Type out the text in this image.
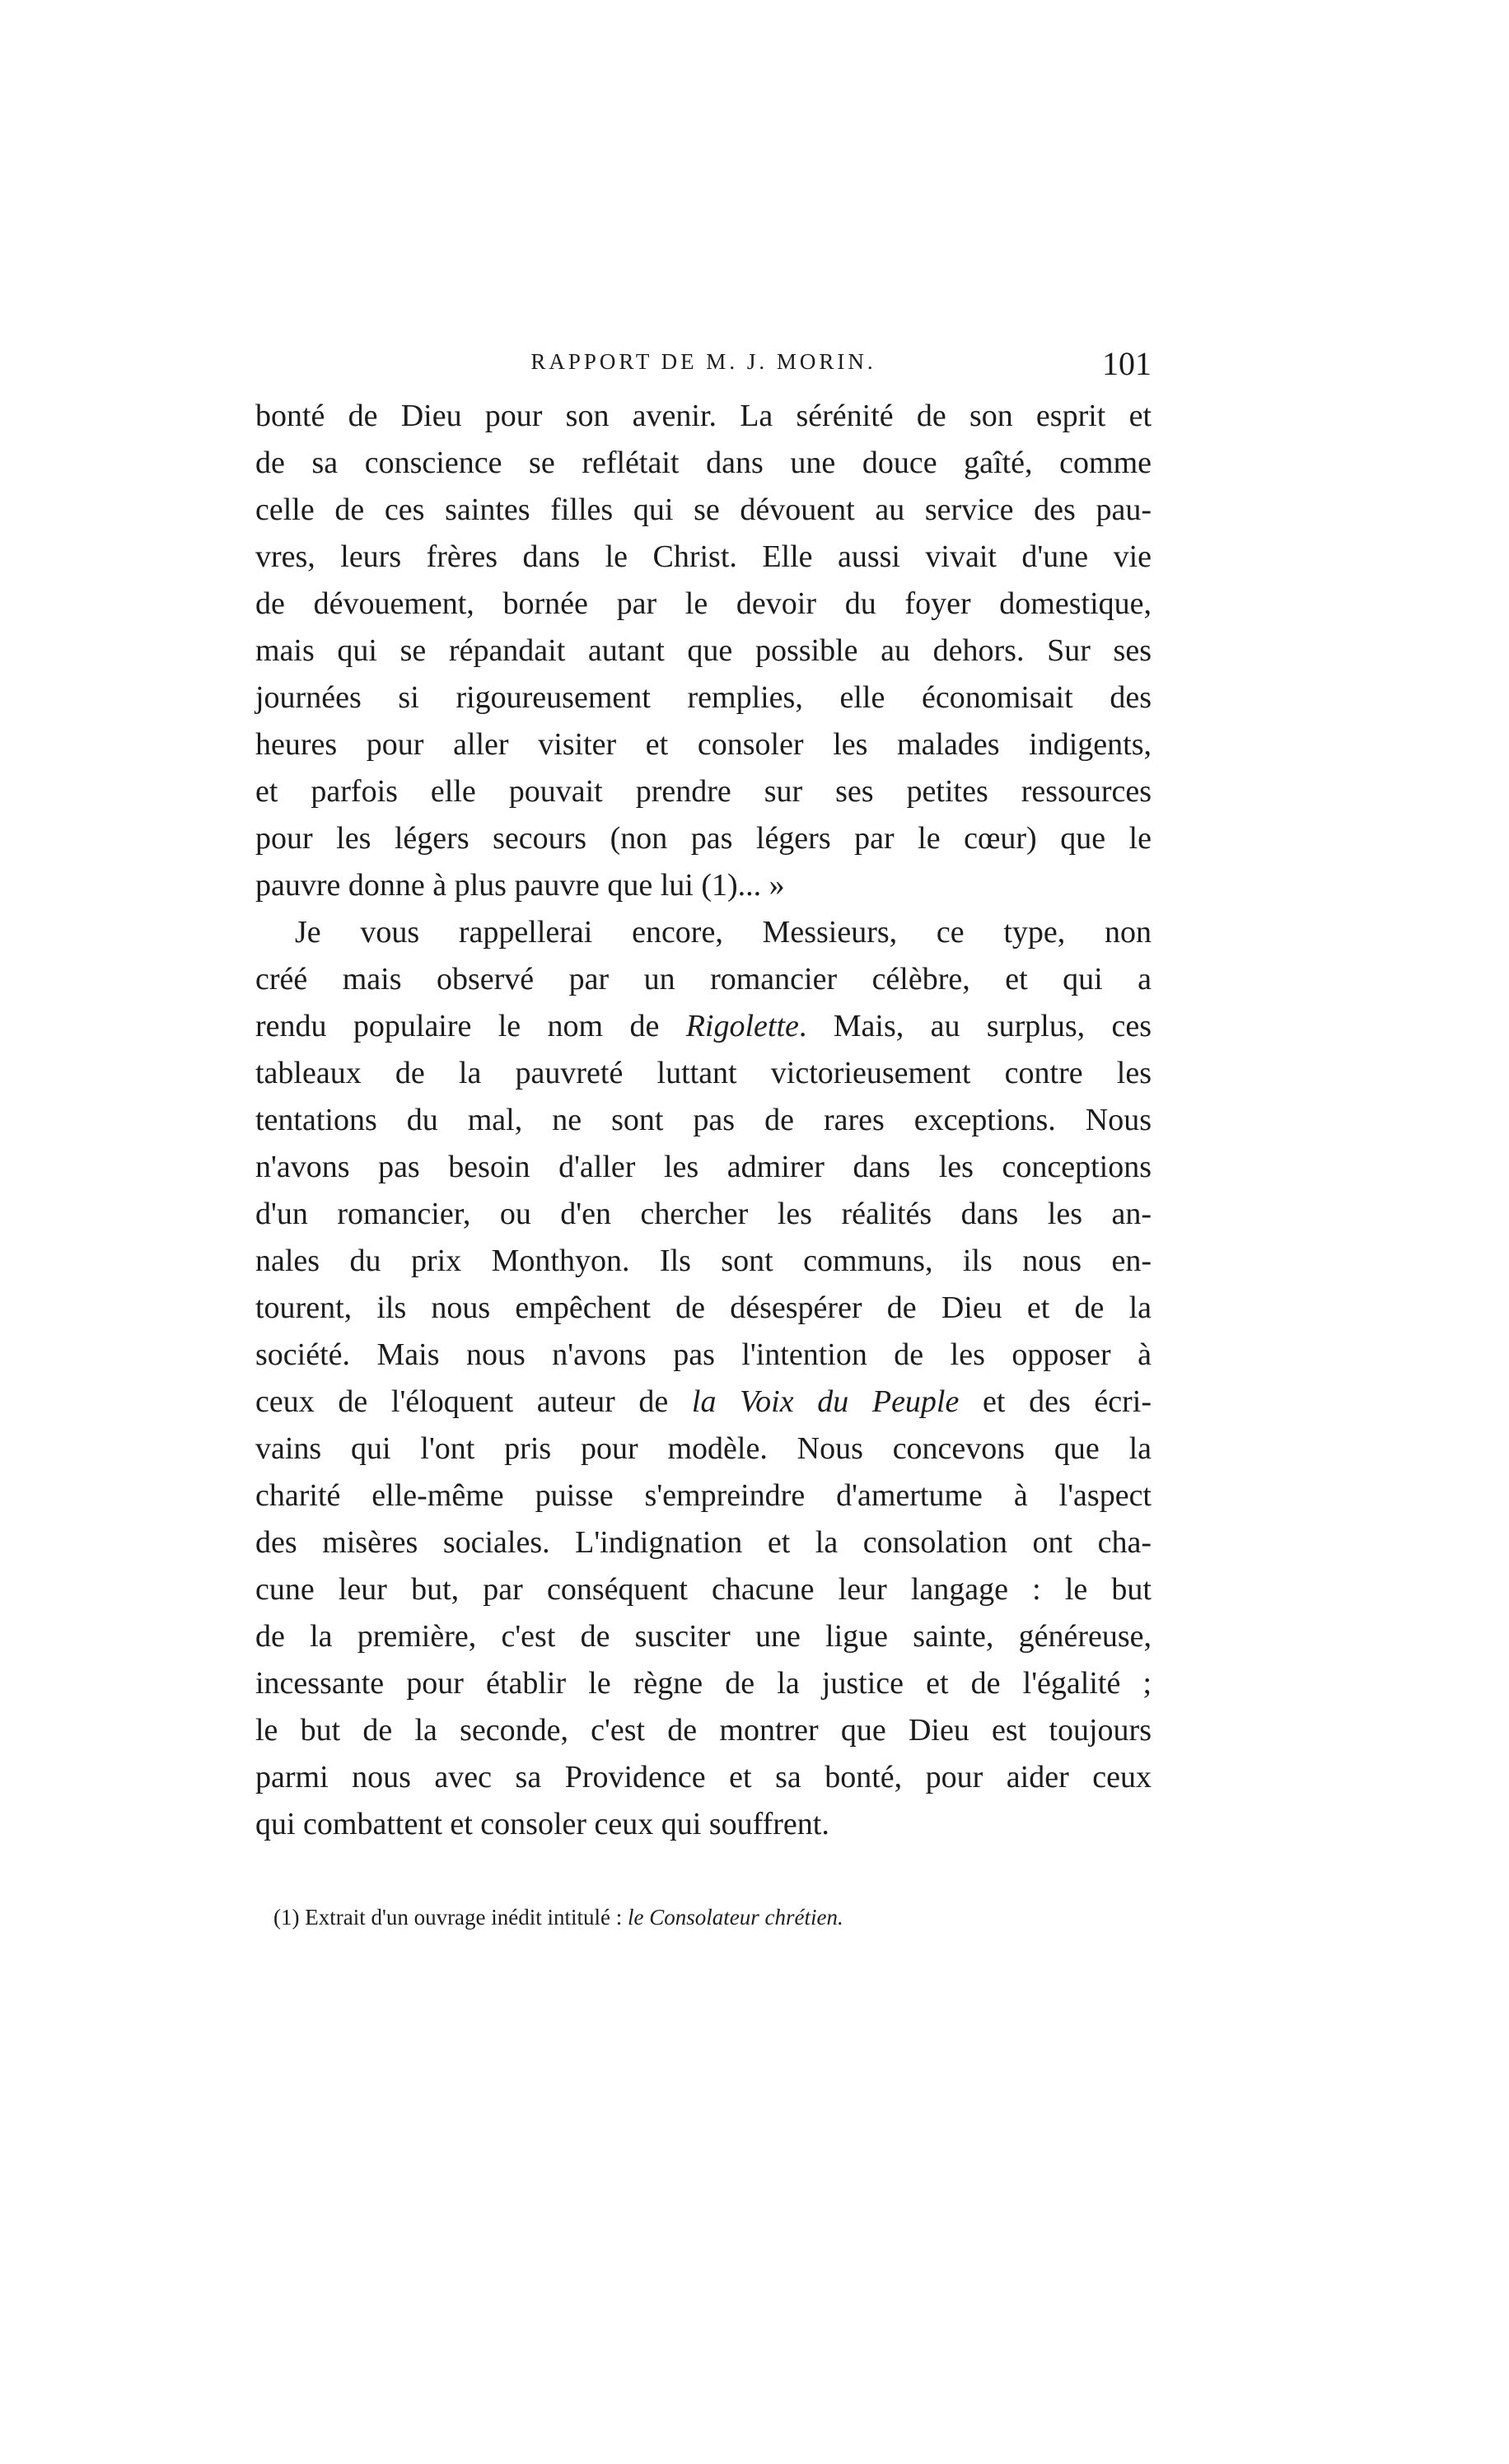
RAPPORT DE M. J. MORIN.	101
bonté de Dieu pour son avenir. La sérénité de son esprit et
de sa conscience se reflétait dans une douce gaîté, comme
celle de ces saintes filles qui se dévouent au service des pau-
vres, leurs frères dans le Christ. Elle aussi vivait d'une vie
de dévouement, bornée par le devoir du foyer domestique,
mais qui se répandait autant que possible au dehors. Sur ses
journées si rigoureusement remplies, elle économisait des
heures pour aller visiter et consoler les malades indigents,
et parfois elle pouvait prendre sur ses petites ressources
pour les légers secours (non pas légers par le cœur) que le
pauvre donne à plus pauvre que lui (1)... »
Je vous rappellerai encore, Messieurs, ce type, non
créé mais observé par un romancier célèbre, et qui a
rendu populaire le nom de Rigolette. Mais, au surplus, ces
tableaux de la pauvreté luttant victorieusement contre les
tentations du mal, ne sont pas de rares exceptions. Nous
n'avons pas besoin d'aller les admirer dans les conceptions
d'un romancier, ou d'en chercher les réalités dans les an-
nales du prix Monthyon. Ils sont communs, ils nous en-
tourent, ils nous empêchent de désespérer de Dieu et de la
société. Mais nous n'avons pas l'intention de les opposer à
ceux de l'éloquent auteur de la Voix du Peuple et des écri-
vains qui l'ont pris pour modèle. Nous concevons que la
charité elle-même puisse s'empreindre d'amertume à l'aspect
des misères sociales. L'indignation et la consolation ont cha-
cune leur but, par conséquent chacune leur langage : le but
de la première, c'est de susciter une ligue sainte, généreuse,
incessante pour établir le règne de la justice et de l'égalité ;
le but de la seconde, c'est de montrer que Dieu est toujours
parmi nous avec sa Providence et sa bonté, pour aider ceux
qui combattent et consoler ceux qui souffrent.
(1) Extrait d'un ouvrage inédit intitulé : le Consolateur chrétien.
